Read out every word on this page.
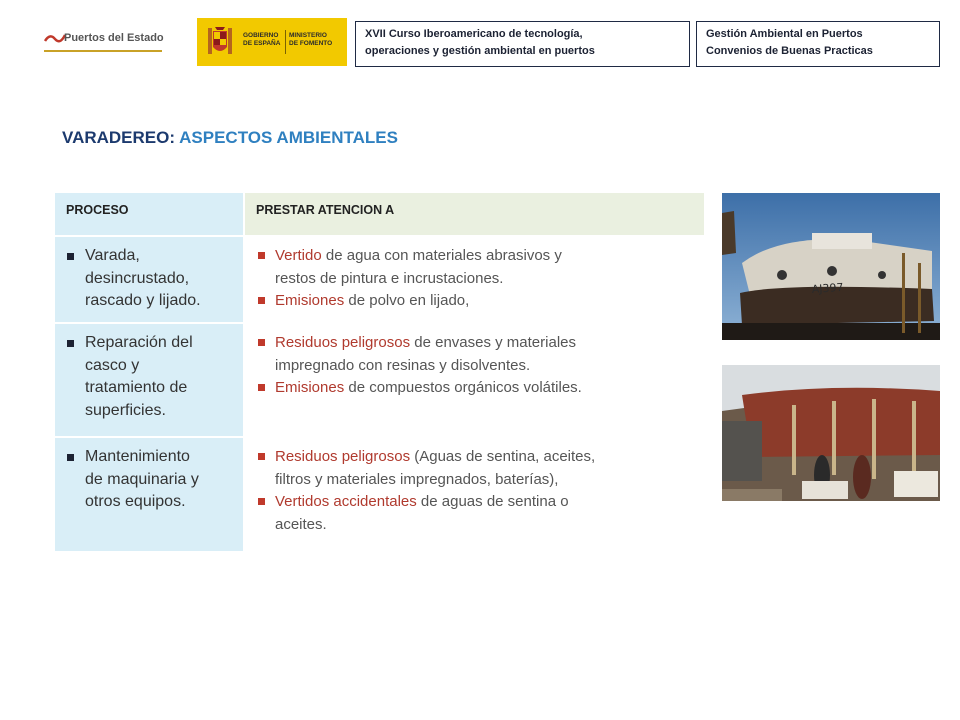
Puertos del Estado	GOBIERNO
DE ESPAÑA
MINISTERIO
DE FOMENTO
XVII Curso Iberoamericano de tecnología,
operaciones y gestión ambiental en puertos
Gestión Ambiental en Puertos
Convenios de Buenas Practicas
VARADEREO: ASPECTOS AMBIENTALES
PROCESO	PRESTAR ATENCION A
Varada,
desincrustado,
rascado y lijado.
Vertido de agua con materiales abrasivos y
restos de pintura e incrustaciones.
Emisiones de polvo en lijado,
Reparación del
casco y
tratamiento de
superficies.
Residuos peligrosos de envases y materiales
impregnado con resinas y disolventes.
Emisiones de compuestos orgánicos volátiles.
Mantenimiento
de maquinaria y
otros equipos.
Residuos peligrosos (Aguas de sentina, aceites,
filtros y materiales impregnados, baterías),
Vertidos accidentales de aguas de sentina o
aceites.
AJ397
